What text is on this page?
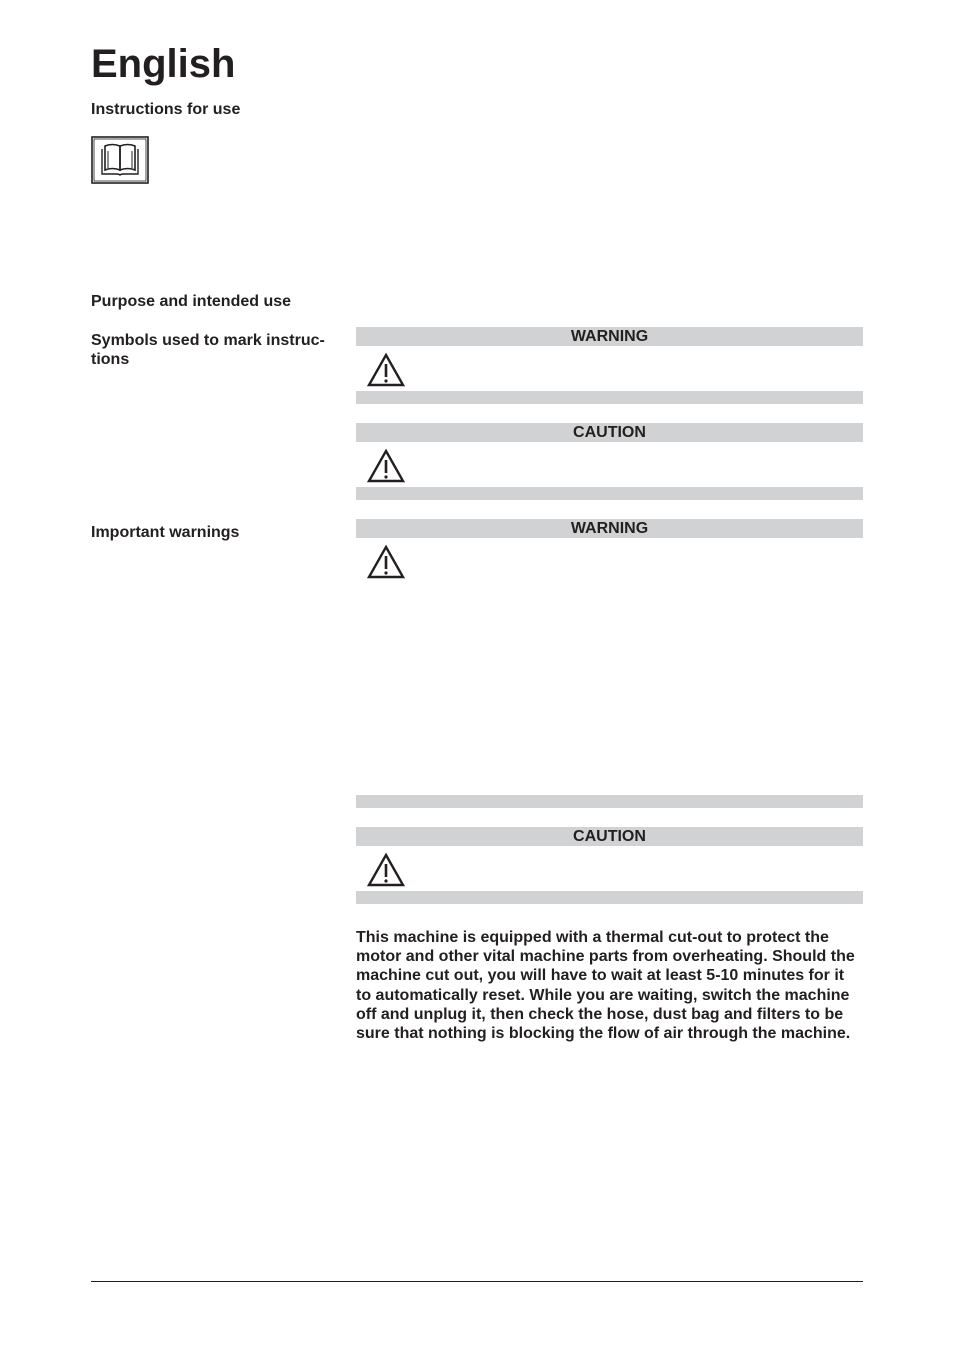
English
Instructions for use
Purpose and intended use
Symbols used to mark instruc-
tions
Important warnings
WARNING
CAUTION
WARNING
CAUTION
This machine is equipped with a thermal cut-out to protect the motor and other vital machine parts from overheating. Should the machine cut out, you will have to wait at least 5-10 minutes for it to automatically reset. While you are waiting, switch the machine off and unplug it, then check the hose, dust bag and filters to be sure that nothing is blocking the flow of air through the machine.
